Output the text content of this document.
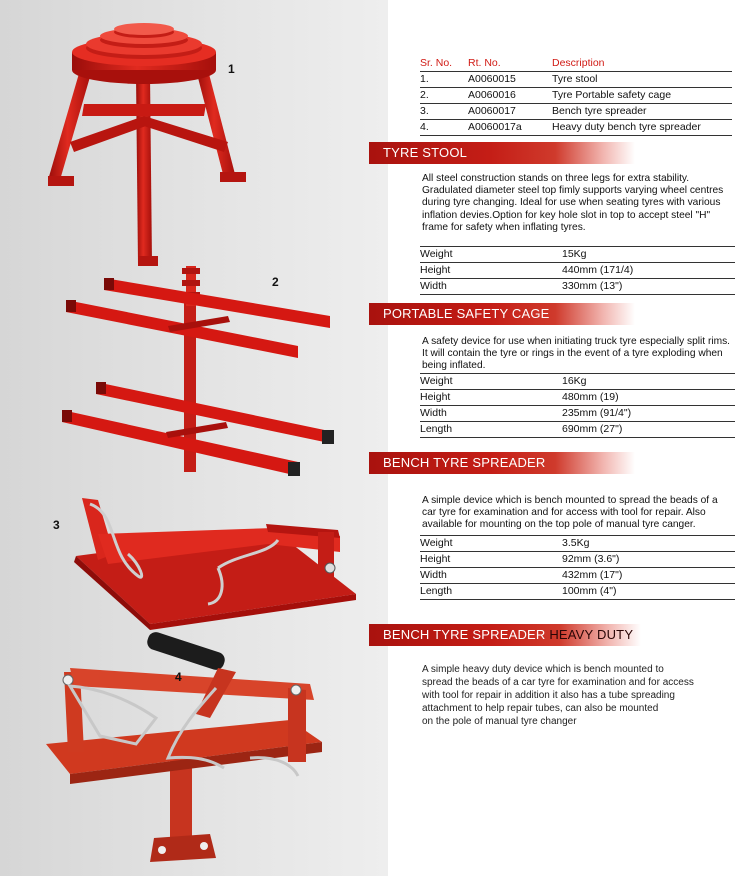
1
2
3
4
Sr. No.	Rt. No.	Description
1.	A0060015	Tyre stool
2.	A0060016	Tyre Portable safety cage
3.	A0060017	Bench tyre spreader
4.	A0060017a	Heavy duty bench tyre spreader
TYRE STOOL
All steel construction stands on three legs for extra stability. Gradulated diameter steel top fimly supports varying wheel centres during tyre changing. Ideal for use when seating tyres with various inflation devies.Option for key hole slot in top to accept steel "H" frame for safety when inflating tyres.
Weight	15Kg
Height	440mm (171/4)
Width	330mm (13")
PORTABLE SAFETY CAGE
A safety device for use when initiating truck tyre especially split rims. It will contain the tyre or rings in the event of a tyre exploding when being inflated.
Weight	16Kg
Height	480mm (19)
Width	235mm (91/4")
Length	690mm (27")
BENCH TYRE SPREADER
A simple device which is bench mounted to spread the beads of a car tyre for examination and for access with tool for repair. Also available for mounting on the top pole of manual tyre canger.
Weight	3.5Kg
Height	92mm (3.6")
Width	432mm (17")
Length	100mm (4")
BENCH TYRE SPREADER HEAVY DUTY
A simple heavy duty device which is bench mounted to
spread the beads of a car tyre for examination and for access
with tool for repair in addition it also has a tube spreading
attachment to help repair tubes, can also be mounted
on the pole of manual tyre changer
